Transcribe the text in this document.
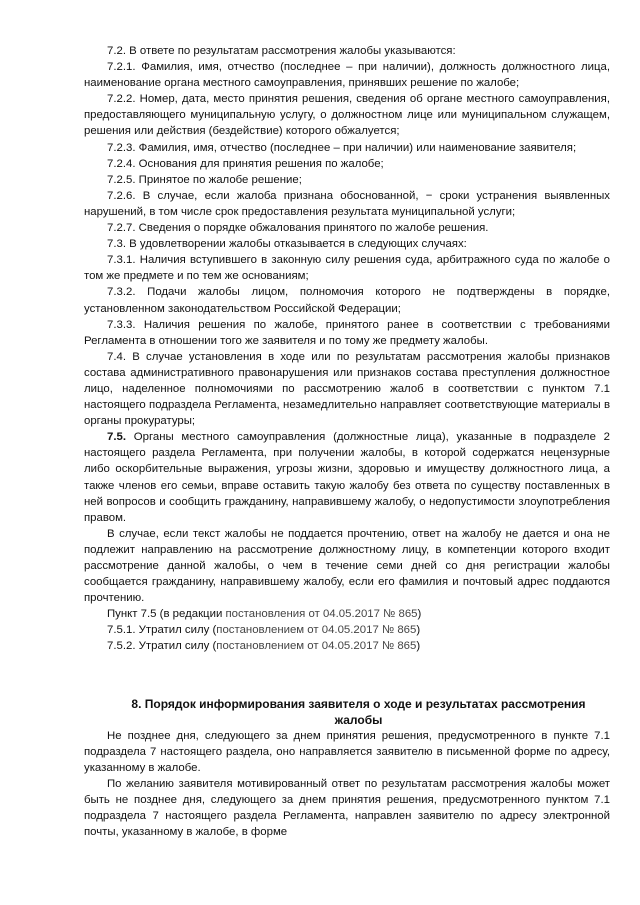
7.2. В ответе по результатам рассмотрения жалобы указываются:

7.2.1. Фамилия, имя, отчество (последнее – при наличии), должность должностного лица, наименование органа местного самоуправления, принявших решение по жалобе;

7.2.2. Номер, дата, место принятия решения, сведения об органе местного самоуправления, предоставляющего муниципальную услугу, о должностном лице или муниципальном служащем, решения или действия (бездействие) которого обжалуется;

7.2.3. Фамилия, имя, отчество (последнее – при наличии) или наименование заявителя;

7.2.4. Основания для принятия решения по жалобе;

7.2.5. Принятое по жалобе решение;

7.2.6. В случае, если жалоба признана обоснованной, − сроки устранения выявленных нарушений, в том числе срок предоставления результата муниципальной услуги;

7.2.7. Сведения о порядке обжалования принятого по жалобе решения.

7.3. В удовлетворении жалобы отказывается в следующих случаях:

7.3.1. Наличия вступившего в законную силу решения суда, арбитражного суда по жалобе о том же предмете и по тем же основаниям;

7.3.2. Подачи жалобы лицом, полномочия которого не подтверждены в порядке, установленном законодательством Российской Федерации;

7.3.3. Наличия решения по жалобе, принятого ранее в соответствии с требованиями Регламента в отношении того же заявителя и по тому же предмету жалобы.

7.4. В случае установления в ходе или по результатам рассмотрения жалобы признаков состава административного правонарушения или признаков состава преступления должностное лицо, наделенное полномочиями по рассмотрению жалоб в соответствии с пунктом 7.1 настоящего подраздела Регламента, незамедлительно направляет соответствующие материалы в органы прокуратуры;

7.5. Органы местного самоуправления (должностные лица), указанные в подразделе 2 настоящего раздела Регламента, при получении жалобы, в которой содержатся нецензурные либо оскорбительные выражения, угрозы жизни, здоровью и имуществу должностного лица, а также членов его семьи, вправе оставить такую жалобу без ответа по существу поставленных в ней вопросов и сообщить гражданину, направившему жалобу, о недопустимости злоупотребления правом.

В случае, если текст жалобы не поддается прочтению, ответ на жалобу не дается и она не подлежит направлению на рассмотрение должностному лицу, в компетенции которого входит рассмотрение данной жалобы, о чем в течение семи дней со дня регистрации жалобы сообщается гражданину, направившему жалобу, если его фамилия и почтовый адрес поддаются прочтению.

Пункт 7.5 (в редакции постановления от 04.05.2017 № 865)

7.5.1. Утратил силу (постановлением от 04.05.2017 № 865)

7.5.2. Утратил силу (постановлением от 04.05.2017 № 865)

8. Порядок информирования заявителя о ходе и результатах рассмотрения жалобы

Не позднее дня, следующего за днем принятия решения, предусмотренного в пункте 7.1 подраздела 7 настоящего раздела, оно направляется заявителю в письменной форме по адресу, указанному в жалобе.

По желанию заявителя мотивированный ответ по результатам рассмотрения жалобы может быть не позднее дня, следующего за днем принятия решения, предусмотренного пунктом 7.1 подраздела 7 настоящего раздела Регламента, направлен заявителю по адресу электронной почты, указанному в жалобе, в форме
